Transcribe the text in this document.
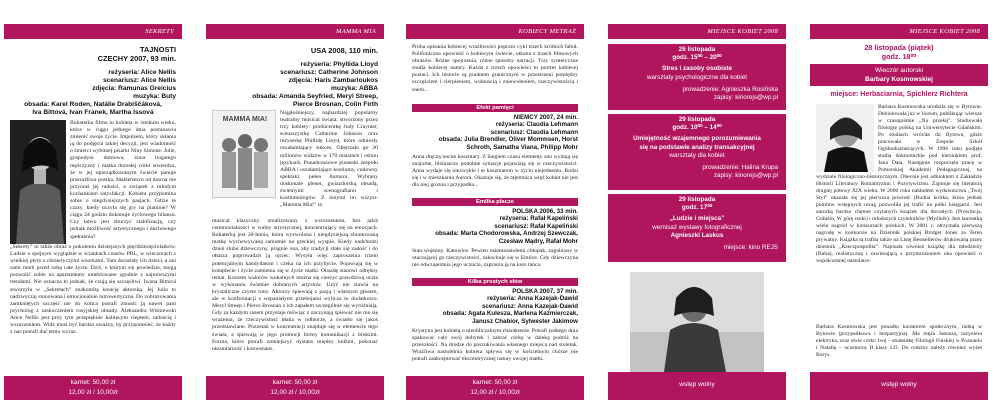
SEKRETY
TAJNOSTI
CZECHY 2007, 93 min.
reżyseria: Alice Nellis
scenariusz: Alice Nellis
zdjęcia: Ramunas Greicius
muzyka: Buty
obsada: Karel Roden, Natálie Drabiščáková,
Iva Bittová, Ivan Franek, Martha Issová
Bohaterka filmu to kobieta w średnim wieku, która w ciągu jednego dnia postanawia zmienić swoje życie. Impulsem, który skłania ją do podjęcia takiej decyzji, jest wiadomość o śmierci wybitnej pisarki Niny Simone. Julie, gospodyni domowa, żona bogatego mężczyzny i matka dorosłej córki stwierdza, że w jej uporządkowanym świecie panuje przeraźliwa pustka. Małżeństwo od dawna nie przynosi jej radości, a związek z młodym kochankiem satysfakcji. Kobieta przypomina sobie o niegdysiejszych pasjach. Gdzie te czasy, kiedy uczyła się gry na pianinie? W ciągu 24 godzin dokonuje życiowego bilansu. Czy łatwo jest zburzyć stabilizację, czy jednak możliwość artystycznego i duchowego spełnienia?
„Sekrety” to także obraz o pokoleniu dzisiejszych pięćdziesięciolatków. Ludzie o spójnym wyglądzie w ściankach czasów PRL, w wieczorach z wielkiej płyty z chimeryczymi wzorkami. Tam dorastały ich dzieci, a oni sami mieli przed sobą całe życie. Dziś, o którym się powiedzie, mogą pozwolić sobie na apartamenty umeblowane zgodnie z najnowszymi trendami. Nie oznacza to jednak, że czują się szczęśliwi. Iwana Bittová stworzyła w „Sekretach” znakomitą kreację aktorską. Jej Julia to nadzwyczaj stonowana i emocjonalnie introwertyczna. Do zobrazowania zamkniętych szczęść nie do końca potrafi zmusić ją nawet pani psycholog z zaskoczeniem rosyjskiej obsady. Aleksandra Wiśniewski Alice Nellis jest przy tym przepięknie kobiecym ciepłem, radością i wzruszeniem. Widz musi być bardzo uważny, by przypomnieć, że każdy z nas potrafi dać temu wyraz.
karnet: 50,00 zł
12,00 zł / 10,00zł
MAMMA MIA
USA 2008, 110 min.
reżyseria: Phyllida Lloyd
scenariusz: Catherine Johnson
zdjęcia: Haris Zambarloukos
muzyka: ABBA
obsada: Amanda Seyfried, Meryl Streep,
Pierce Brosnan, Colin Firth
MAMMA MIA!
Najgłośniejszy, najbardziej popularny teatralny musical świata, stworzony przez trzy kobiety: producentkę Judy Craymer, scenarzystkę Catherine Johnson oraz reżyserkę Phillidę Lloyd, które odniosły oszałamiający sukces. Obejrzało go 30 milionów widzów w 170 miastach i ośmiu językach. Ponadczasowe piosenki zespołu ABBA i oszałamiające kostiumy, cudowny spektakl, pełen humoru. Wybrany doskonale plener, gwiazdorską obsadą, świetnymi scenografiami i kostiumologów. Z innymi im wszyst- „Mamma Mia!” to
musical klasyczny: zrealizowany z wzruszeniem, bez jakiś ceremonialności w walny artystycznej, koncentrujący się na emocjach. Bohaterką jest 20-letnia, która wyzwolona i niegdysiejszą zbuntowaną matkę wychowywaną samotnie na greckiej wyspie. Kiedy nadchodzi dzień ślubu dziewczyny, pragnie ona, aby tradycji stało się zadość i do ołtarza poprowadził ją ojciec. Wysyła więc zaproszenia trzem potencjalnym kandydatom i czeka na ich przybycie. Pojawiają się w komplecie i życie zamienia się w życie matki. Obsadę stanowi odrębny temat. Koszem walorów wokalnych można się cieszyć prawdziwą uczta w wykonaniu świetnie dobranych artystów. Uzyć nie stawia na krystaliczne czyste tony. Aktorzy śpiewają z pasją i własnym głosem, ale w konfrontacji z wspaniałymi przebojami wylicza to dodatkowo. Meryl Streep i Pierce Brosnan z ich zapałem szczególnie się wyróżniają. Gdy za każdym razem przystaje mówiąc z zaczynają śpiewać nie ma się wrażenia, że rzeczywistość błaha w odbiorze, a światło się jakoś przedstawiane. Pozostań w koncentracji znajduje się w elemencie tego świata, a śpiewają w jego promocji formy komunikacji z bliskimi. Forma, która potrafi zmniejszyć dystans między ludźmi, pokonać niezmiarność i konwenans.
karnet: 50,00 zł
12,00 zł / 10,00zł
KOBIECY METRAŻ
Próba opisania kobiecej wrażliwości poprzez cykl trzech krótkich fabuł. Polifoniczna opowieść o kobiecym świecie, utkana z trzech filmowych obrazów. Różne spojrzenia, różne sposoby narracji. Trzy syntetyczne studia kobiecej natury. Każda z trzech opowieści to portret kobiecej postaci. Ich historie są punktem granicznym w przestrzeni pomiędzy szczęściem i cierpieniem, wolnością i zniewoleniem, rzeczywistością i snem...
Efekt pamięci
NIEMCY 2007, 24 min.
reżyseria: Claudia Lehmann
scenariusz: Claudia Lehmann
obsada: Julia Brendler, Oliver Mommsen, Horst
Schroth, Samatha Viana, Philipp Mohr
Anna dręczą nocne koszmary. Z biegiem czasu elementy snu wydają się znajome, bliźniaczo podobne sytuacje pojawiają się w rzeczywistości. Anna wydaje się niezwykle i te koszmarem w życiu niejednemu. Rodzi się i w mieszkaniu Aurora. Okazuje się, że tajemnica więź kobiet nie jest dla niej grozna i przypadku...
Emilka płacze
POLSKA 2006, 33 min.
reżyseria: Rafał Kapeliński
scenariusz: Rafał Kapeliński
obsada: Marta Chodorowska, Andrzej Szewczak,
Czesław Mądry, Rafał Mohr
Stan wojenny, Katowice. Pewien osiemnastoletni chłopak, zagubiony w otaczającej go rzeczywistości, zakochuje się w Emilce. Gdy dziewczyna nie odwzajemnia jego uczucia, zaprasza ją na kurs tańca.
Kilka prostych słów
POLSKA 2007, 37 min.
reżyseria: Anna Kazejak-Dawid
scenariusz: Anna Kazejak-Dawid
obsada: Agata Kulesza, Marlena Kaźmierczak,
Janusz Chabior, Sylwester Jakimow
Krystyna jest kobietą o nieobliczalnym charakterze. Potrafi jednego dnia spakować cały swój dobytek i zabrać córkę w daleką podróż na przeszłości. Na drodze do poszukiwania własnego miejsca nad stoletak. Wrażliwa nastoletnia kobieta spływa się w kościelnym chórze nie potrafi zaakceptować ekscentrycznej natury swojej matki.
karnet: 50,00 zł
12,00 zł / 10,00zł
MIEJSCE KOBIET 2008
26 listopada
godz. 15⁰⁰ – 20⁰⁰
Stres i zasoby osobiste
warsztaty psychologiczne dla kobiet
prowadzenie: Agnieszka Rosińska
zapisy: kinorejs@wp.pl
29 listopada
godz. 10⁰⁰ – 14⁰⁰
Umiejętność wzajemnego porozumiewania
się na podstawie analizy transakcyjnej
warsztaty dla kobiet
prowadzenie: Halina Krupa
zapisy: kinorejs@wp.pl
29 listopada
godz. 17⁰⁰
„Ludzie i miejsca”
wernisaż wystawy fotograficznej
Agnieszki Laskus
miejsce: kino REJS
wstęp wolny
MIEJSCE KOBIET 2008
28 listopada (piątek)
godz. 18⁰⁰
Wieczór autorski
Barbary Kosmowskiej
miejsce: Herbaciarnia, Spichlerz Richtera
Barbara Kosmowska urodziła się w Bytowie. Debiutowała już w liceum, publikując wiersze w czasopiśmie „Na przełaj”. Studiowała filologię polską na Uniwersytecie Gdańskim. Po studiach wróciła do Bytowa, gdzie pracowała w Zespole Szkół Ogólnokształcących. W 1996 roku podjęła studia doktoranckie pod kierunkiem prof. Jana Data. Następnie rozpoczęła pracę w Pomorskiej Akademii Pedagogicznej, na wydziale filologiczno-historycznym. Obecnie jest adiunktem z Zakładzie Historii Literatury Romantyzmu i Pozytywizmu. Zajmuje się literaturą drugiej połowy XIX wieku. W 2000 roku nakładem wydawnictwa „Twój Styl” ukazała się jej pierwsza powieść (Budna krótka, która jednak pomimo wstępnych uwag pozwoliła jej trafić na półki księgarni. Jest autorką bardzo chętnie czytanych książek dla dorosłych (Prowincja, Gobelin, W górę rzeki) i młodszych czytelników (Myślnik). Jest laureatką wielu nagród w konkursach polskich. W 2001 r. otrzymała pierwszą nagrodę w konkursie na Dziennik polskiej Bridget Jones za Teren prywatny. Książka ta trafiła także na Listę Bestsellerów drukowaną przez dziennik „Rzeczpospolita”. Napisała również książkę dla młodzieży (Buba), realistyczną i zawierającą z przymrużeniem oka opowieść o współczesnej nastolatce.
Barbara Kosmowska jest ponadto kuratorem społecznym, radną w Bytowie (przypadkowa i bezpartyjna). Ma męża Janusza, inżyniera elektryka, oraz dwie córki: Iwę – studentkę Filologii Fińskiej w Poznaniu i Natalię – uczennicę II klasy LO. Do rodziny należy również wyżeł Borys.
wstęp wolny
